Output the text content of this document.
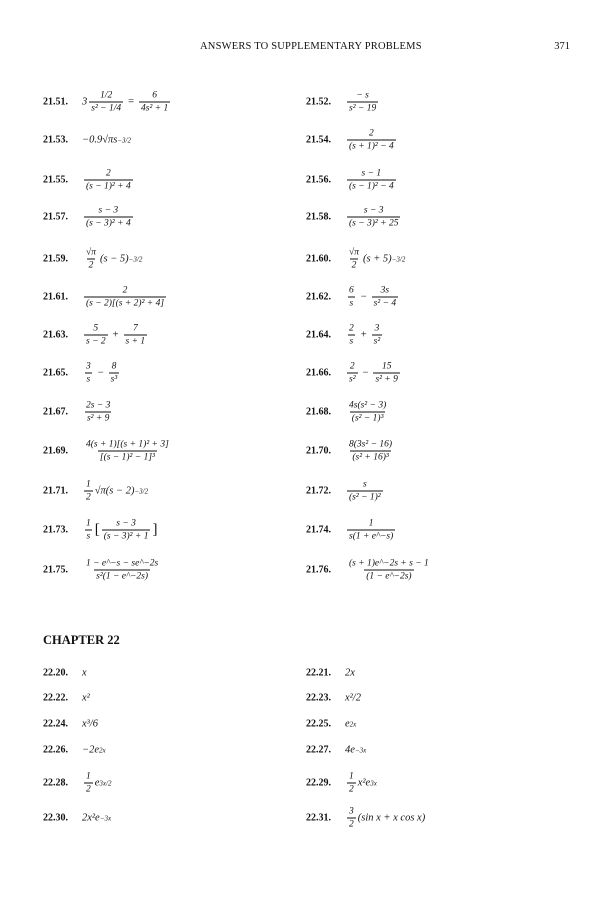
ANSWERS TO SUPPLEMENTARY PROBLEMS	371
21.51. $3 \frac{1/2}{\text{s² − 1/4}} = \frac{6}{\text{4s² + 1}}$	21.52. $\frac{- s}{\text{s² − 19}}$
21.53. −0.9√πs −3/2	21.54. $\frac{2}{\text{(s + 1)² − 4}}$
21.55. $\frac{2}{\text{(s − 1)² + 4}}$	21.56. $\frac{s - 1}{\text{(s − 1)² − 4}}$
21.57. $\frac{s - 3}{\text{(s − 3)² + 4}}$	21.58. $\frac{s - 3}{\text{(s − 3)² + 25}}$
21.59. $\frac{√\pi}{2} (s - 5) -3/2$	21.60. $\frac{√\pi}{2} (s + 5) -3/2$
21.61. $\frac{2}{\text{(s − 2)[(s + 2)² + 4]}}$	21.62. $\frac{6}{s} - \frac{3s}{\text{s² − 4}}$
21.63. $\frac{5}{s - 2} + \frac{7}{s + 1}$	21.64. $\frac{2}{s} + \frac{3}{\text{s²}}$
21.65. $\frac{3}{s} - \frac{8}{\text{s³}}$	21.66. $\frac{2}{\text{s²}} - \frac{15}{\text{s² + 9}}$
21.67. $\frac{2s - 3}{\text{s² + 9}}$	21.68. $\frac{\text{4s(s² − 3)}}{\text{(s² − 1)³}}$
21.69. $\frac{\text{4(s + 1)[(s + 1)² + 3]}}{\text{[(s − 1)² − 1]³}}$	21.70. $\frac{\text{8(3s² − 16)}}{\text{(s² + 16)³}}$
21.71. $\frac{1}{2} √\pi(s - 2) -3/2$	21.72. $\frac{s}{\text{(s² − 1)²}}$
21.73. $\frac{1}{s}$ [ $\frac{s - 3}{\text{(s − 3)² + 1}}$ ]	21.74. $\frac{1}{s(1 + e\^{}-s)}$
21.75. $\frac{1 - e\^{}-s - se\^{}-2s}{\text{s²(1 − e\textasciicircum{}−2s)}}$	21.76. $\frac{(s + 1)e\^{}-2s + s - 1}{(1 - e\^{}-2s)}$
22.20. x	22.21. 2x
22.22. x²	22.23. x²/2
22.24. x³/6	22.25. e 2x
22.26. −2e 2x	22.27. 4e −3x
22.28. $\frac{1}{2}$ e 3x/2	22.29. $\frac{1}{2} x^2e$ 3x
22.30. 2x²e −3x	22.31. $\frac{3}{2} (\sin$ x + x cos x)
CHAPTER 22
